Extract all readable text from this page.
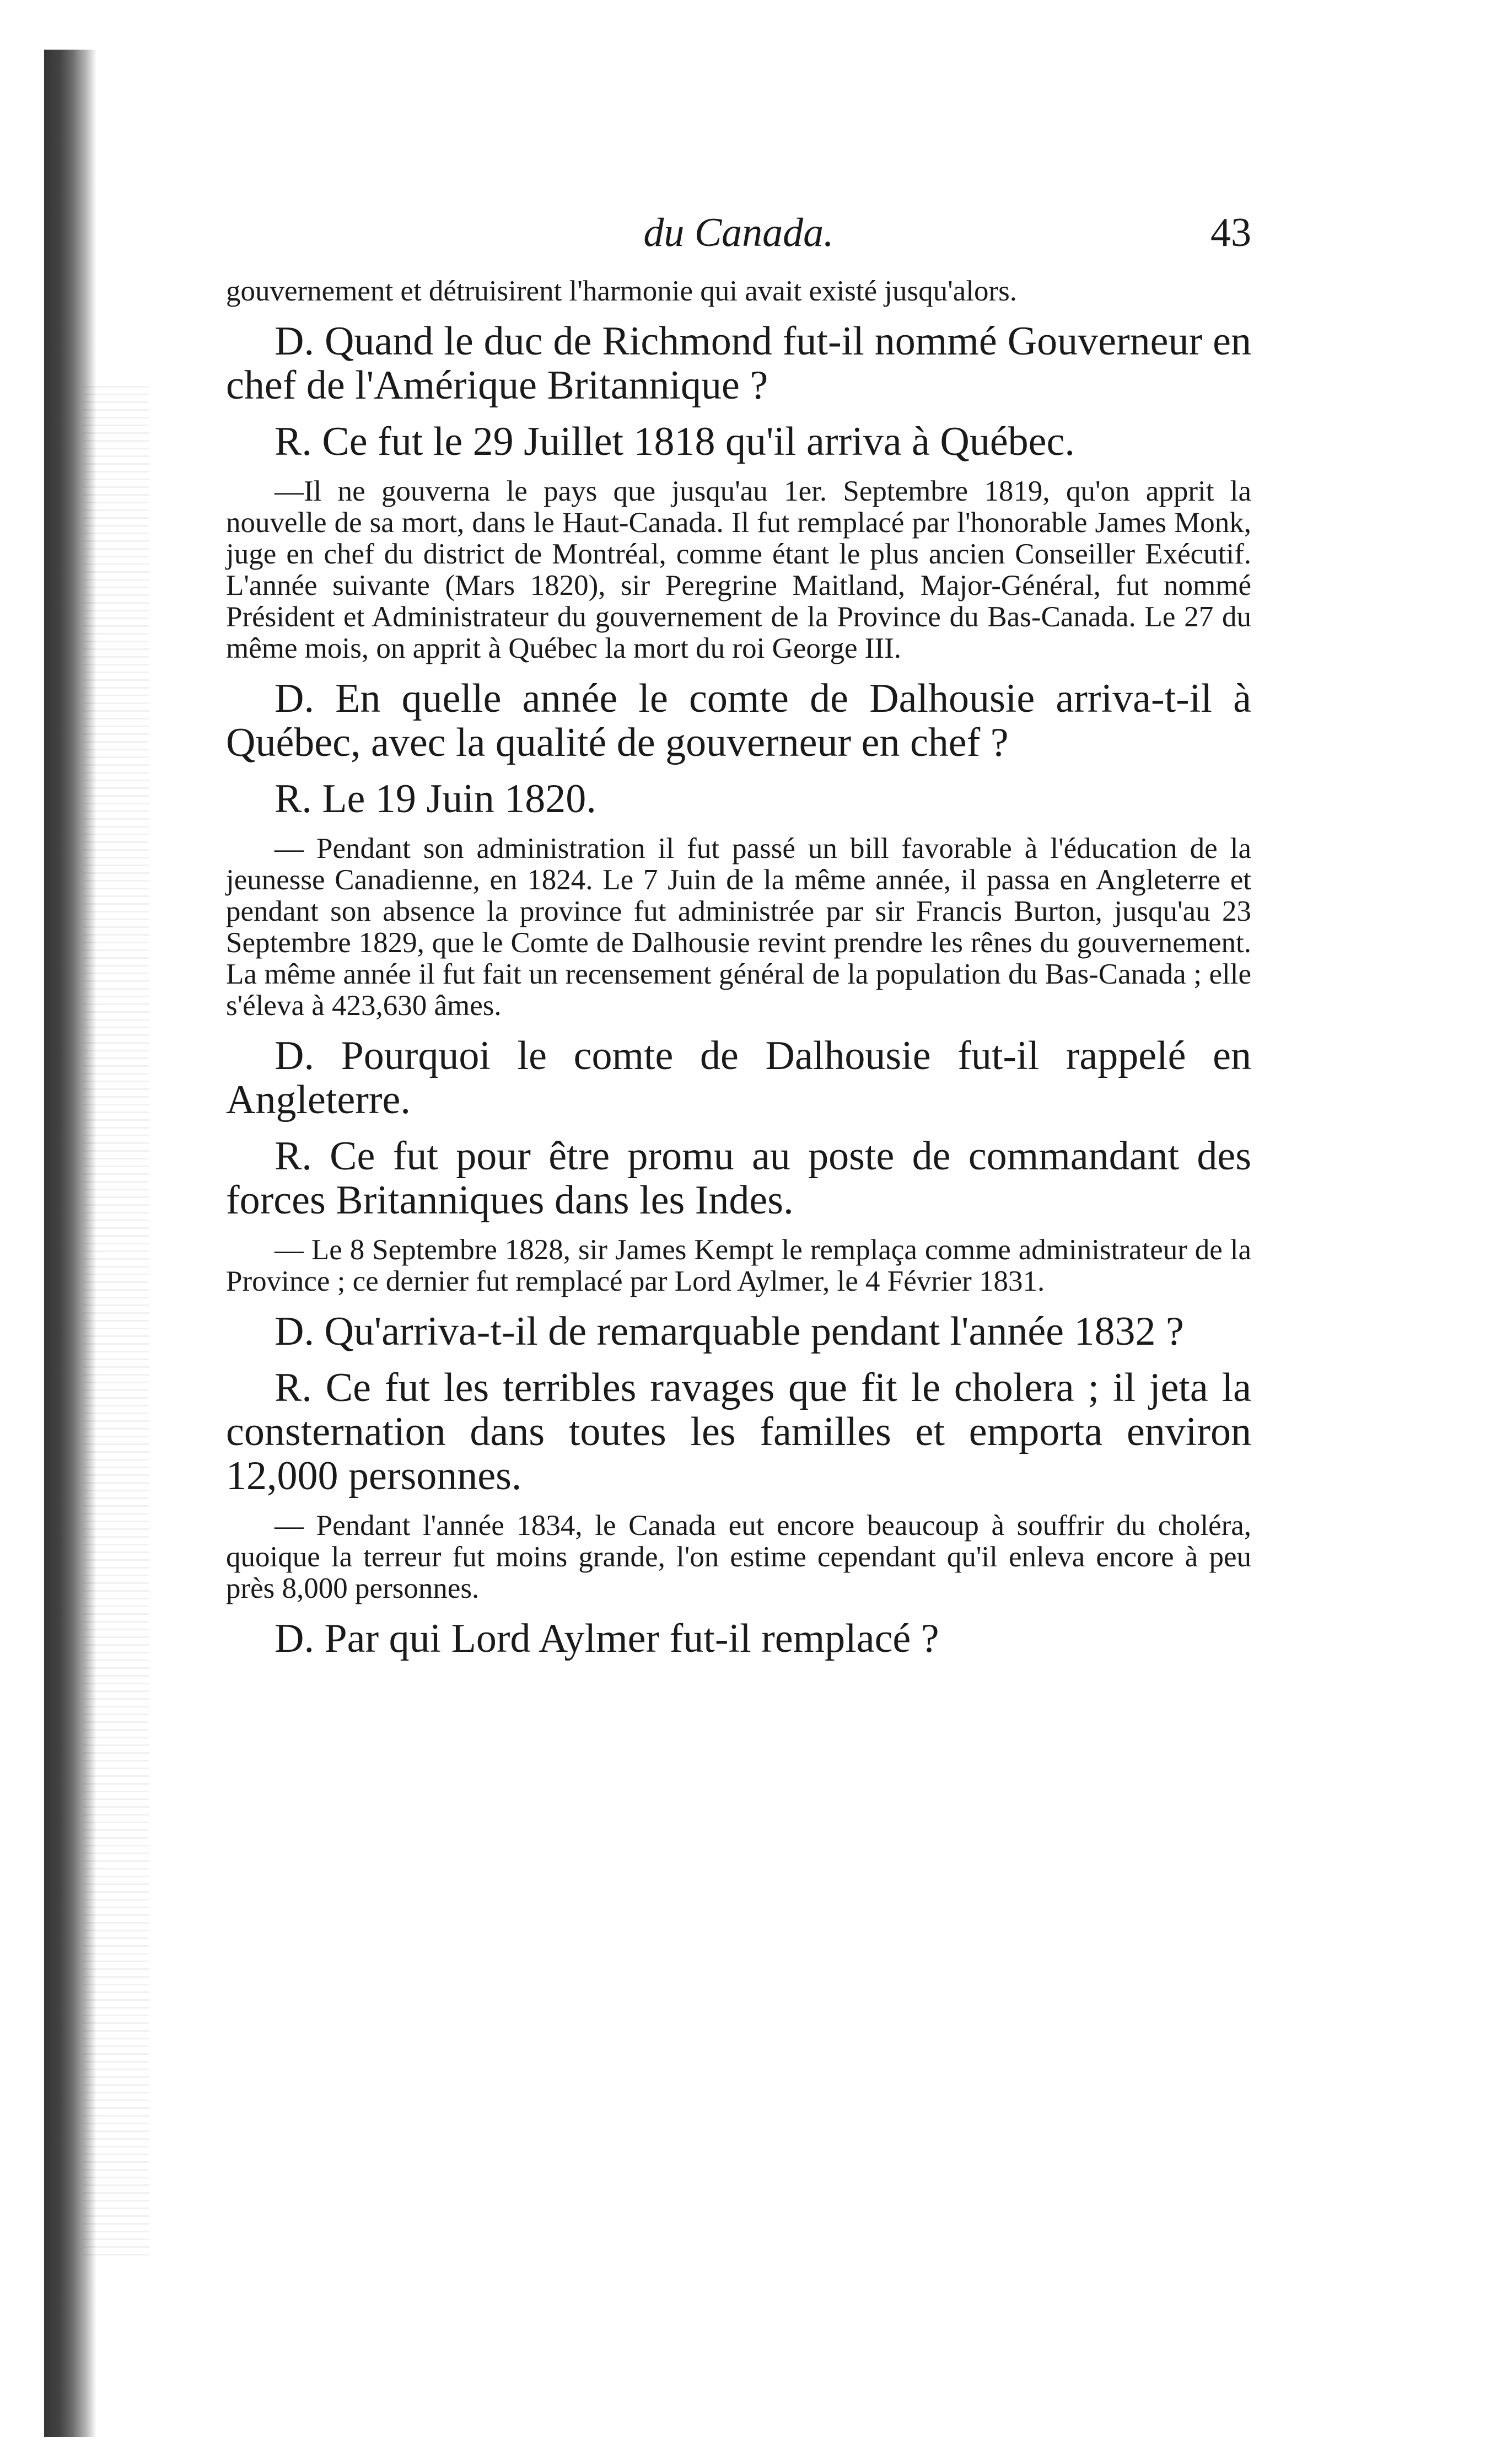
du Canada.	43

gouvernement et détruisirent l'harmonie qui avait existé jusqu'alors.

D. Quand le duc de Richmond fut-il nommé Gouverneur en chef de l'Amérique Britannique ?

R. Ce fut le 29 Juillet 1818 qu'il arriva à Québec.

—Il ne gouverna le pays que jusqu'au 1er. Septembre 1819, qu'on apprit la nouvelle de sa mort, dans le Haut-Canada. Il fut remplacé par l'honorable James Monk, juge en chef du district de Montréal, comme étant le plus ancien Conseiller Exécutif. L'année suivante (Mars 1820), sir Peregrine Maitland, Major-Général, fut nommé Président et Administrateur du gouvernement de la Province du Bas-Canada. Le 27 du même mois, on apprit à Québec la mort du roi George III.

D. En quelle année le comte de Dalhousie arriva-t-il à Québec, avec la qualité de gouverneur en chef ?

R. Le 19 Juin 1820.

— Pendant son administration il fut passé un bill favorable à l'éducation de la jeunesse Canadienne, en 1824. Le 7 Juin de la même année, il passa en Angleterre et pendant son absence la province fut administrée par sir Francis Burton, jusqu'au 23 Septembre 1829, que le Comte de Dalhousie revint prendre les rênes du gouvernement. La même année il fut fait un recensement général de la population du Bas-Canada ; elle s'éleva à 423,630 âmes.

D. Pourquoi le comte de Dalhousie fut-il rappelé en Angleterre.

R. Ce fut pour être promu au poste de commandant des forces Britanniques dans les Indes.

— Le 8 Septembre 1828, sir James Kempt le remplaça comme administrateur de la Province ; ce dernier fut remplacé par Lord Aylmer, le 4 Février 1831.

D. Qu'arriva-t-il de remarquable pendant l'année 1832 ?

R. Ce fut les terribles ravages que fit le cholera ; il jeta la consternation dans toutes les familles et emporta environ 12,000 personnes.

— Pendant l'année 1834, le Canada eut encore beaucoup à souffrir du choléra, quoique la terreur fut moins grande, l'on estime cependant qu'il enleva encore à peu près 8,000 personnes.

D. Par qui Lord Aylmer fut-il remplacé ?
